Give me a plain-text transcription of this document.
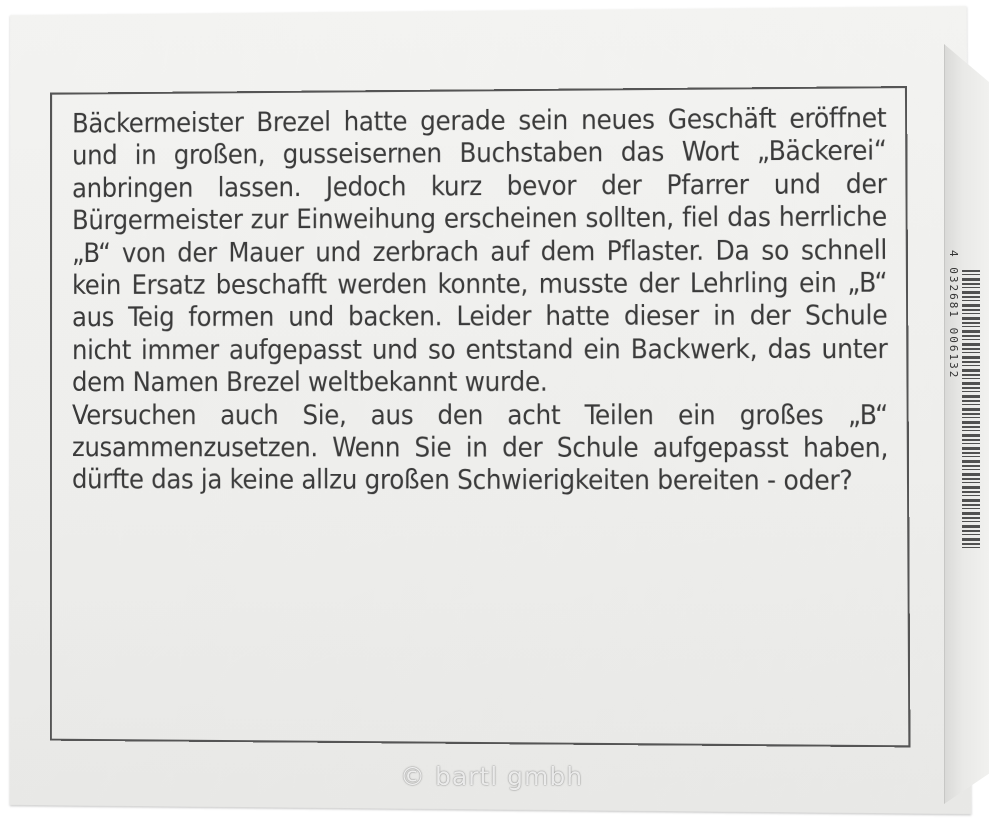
4 032681 006132

Bäckermeister Brezel hatte gerade sein neues Geschäft eröffnet und in großen, gusseisernen Buchstaben das Wort „Bäckerei“ anbringen lassen. Jedoch kurz bevor der Pfarrer und der Bürgermeister zur Einweihung erscheinen sollten, fiel das herrliche „B“ von der Mauer und zerbrach auf dem Pflaster. Da so schnell kein Ersatz beschafft werden konnte, musste der Lehrling ein „B“ aus Teig formen und backen. Leider hatte dieser in der Schule nicht immer aufgepasst und so entstand ein Backwerk, das unter dem Namen Brezel weltbekannt wurde.

Versuchen auch Sie, aus den acht Teilen ein großes „B“ zusammenzusetzen. Wenn Sie in der Schule aufgepasst haben, dürfte das ja keine allzu großen Schwierigkeiten bereiten - oder?

© bartl gmbh
